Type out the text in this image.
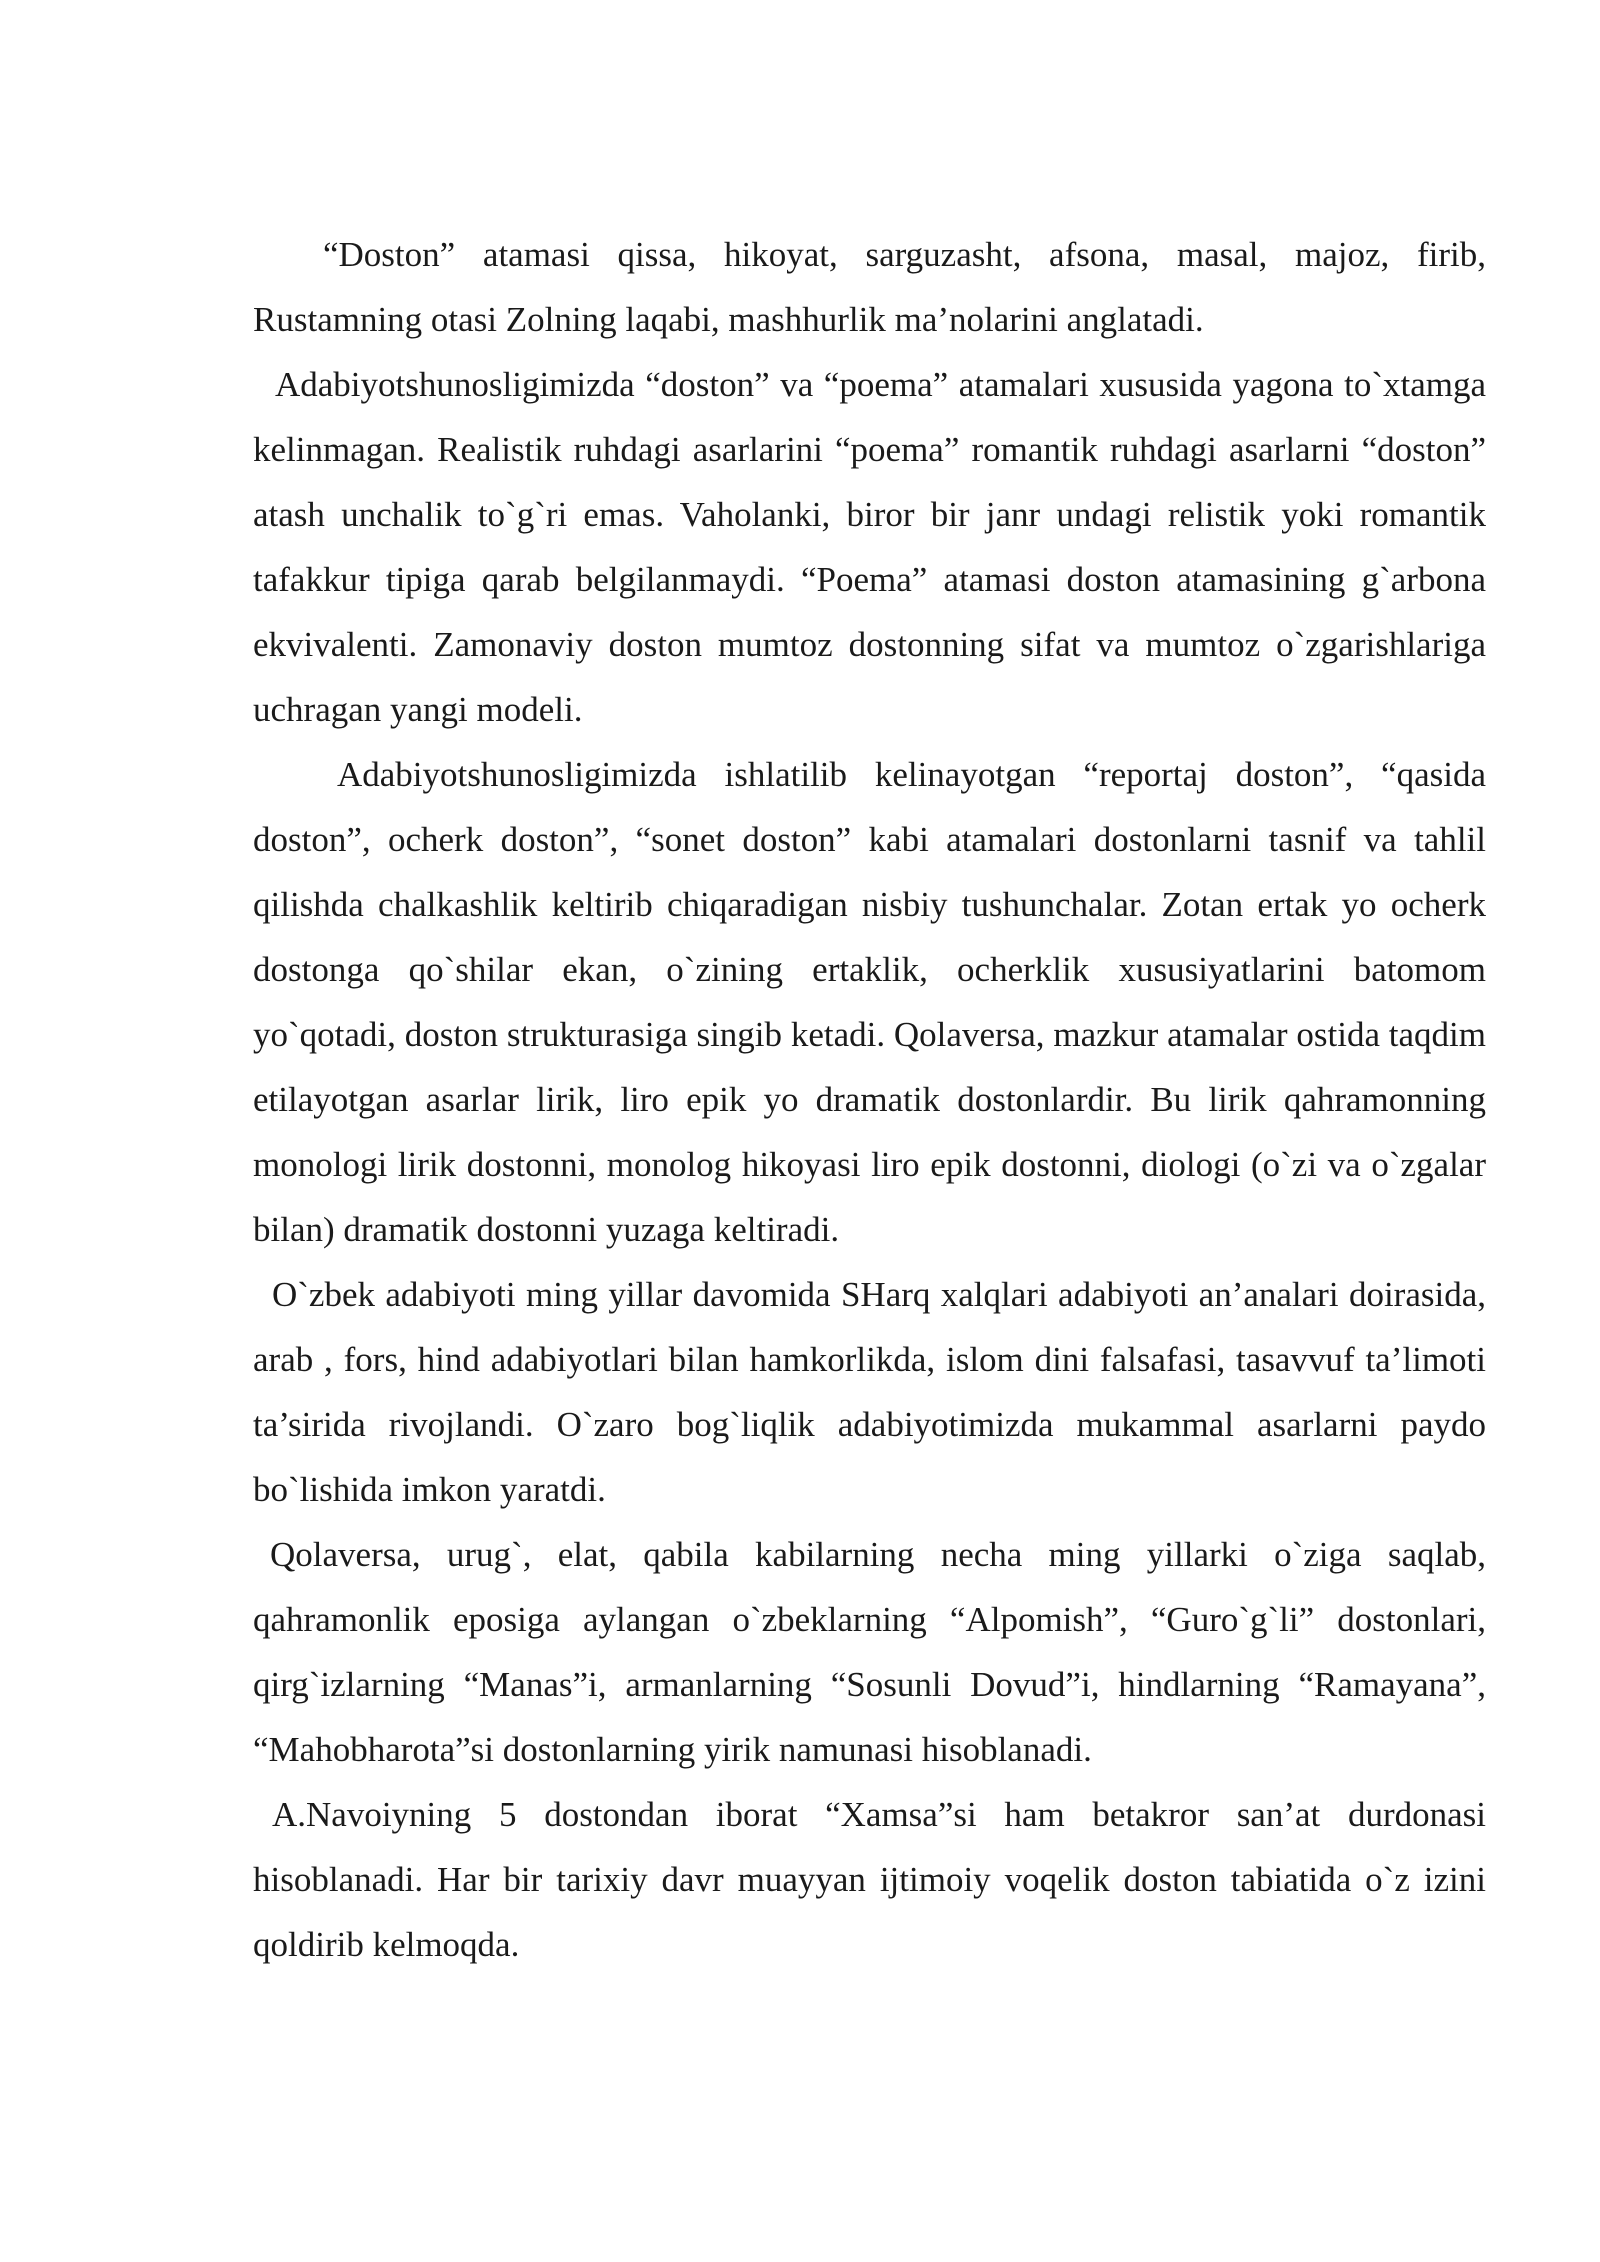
“Doston” atamasi qissa, hikoyat, sarguzasht, afsona, masal, majoz, firib, Rustamning otasi Zolning laqabi, mashhurlik ma’nolarini anglatadi.

Adabiyotshunosligimizda “doston” va “poema” atamalari xususida yagona to`xtamga kelinmagan. Realistik ruhdagi asarlarini “poema” romantik ruhdagi asarlarni “doston” atash unchalik to`g`ri emas. Vaholanki, biror bir janr undagi relistik yoki romantik tafakkur tipiga qarab belgilanmaydi. “Poema” atamasi doston atamasining g`arbona ekvivalenti. Zamonaviy doston mumtoz dostonning sifat va mumtoz o`zgarishlariga uchragan yangi modeli.

Adabiyotshunosligimizda ishlatilib kelinayotgan “reportaj doston”, “qasida doston”, ocherk doston”, “sonet doston” kabi atamalari dostonlarni tasnif va tahlil qilishda chalkashlik keltirib chiqaradigan nisbiy tushunchalar. Zotan ertak yo ocherk dostonga qo`shilar ekan, o`zining ertaklik, ocherklik xususiyatlarini batomom yo`qotadi, doston strukturasiga singib ketadi. Qolaversa, mazkur atamalar ostida taqdim etilayotgan asarlar lirik, liro epik yo dramatik dostonlardir. Bu lirik qahramonning monologi lirik dostonni, monolog hikoyasi liro epik dostonni, diologi (o`zi va o`zgalar bilan) dramatik dostonni yuzaga keltiradi.

O`zbek adabiyoti ming yillar davomida SHarq xalqlari adabiyoti an’analari doirasida, arab , fors, hind adabiyotlari bilan hamkorlikda, islom dini falsafasi, tasavvuf ta’limoti ta’sirida rivojlandi. O`zaro bog`liqlik adabiyotimizda mukammal asarlarni paydo bo`lishida imkon yaratdi.

Qolaversa, urug`, elat, qabila kabilarning necha ming yillarki o`ziga saqlab, qahramonlik eposiga aylangan o`zbeklarning “Alpomish”, “Guro`g`li” dostonlari, qirg`izlarning “Manas”i, armanlarning “Sosunli Dovud”i, hindlarning “Ramayana”, “Mahobharota”si dostonlarning yirik namunasi hisoblanadi.

A.Navoiyning 5 dostondan iborat “Xamsa”si ham betakror san’at durdonasi hisoblanadi. Har bir tarixiy davr muayyan ijtimoiy voqelik doston tabiatida o`z izini qoldirib kelmoqda.
